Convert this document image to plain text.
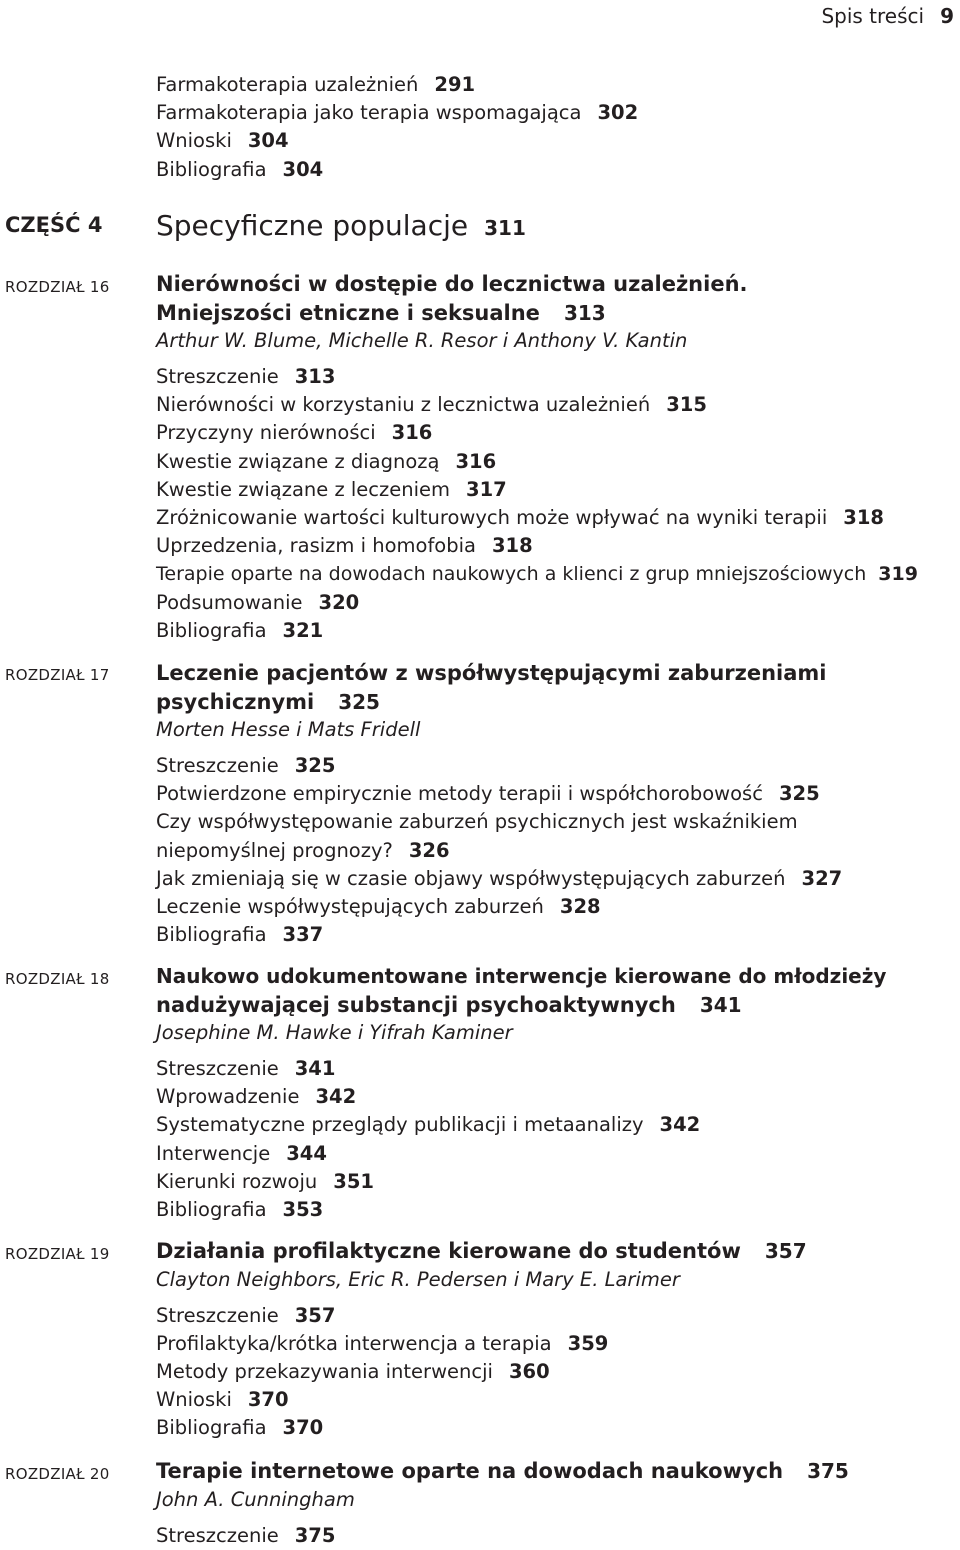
Spis treści 9
Farmakoterapia uzależnień 291
Farmakoterapia jako terapia wspomagająca 302
Wnioski 304
Bibliografia 304
CZĘŚĆ 4 Specyficzne populacje 311
ROZDZIAŁ 16 Nierówności w dostępie do lecznictwa uzależnień.
Mniejszości etniczne i seksualne 313
Arthur W. Blume, Michelle R. Resor i Anthony V. Kantin
Streszczenie 313
Nierówności w korzystaniu z lecznictwa uzależnień 315
Przyczyny nierówności 316
Kwestie związane z diagnozą 316
Kwestie związane z leczeniem 317
Zróżnicowanie wartości kulturowych może wpływać na wyniki terapii 318
Uprzedzenia, rasizm i homofobia 318
Terapie oparte na dowodach naukowych a klienci z grup mniejszościowych 319
Podsumowanie 320
Bibliografia 321
ROZDZIAŁ 17 Leczenie pacjentów z współwystępującymi zaburzeniami
psychicznymi 325
Morten Hesse i Mats Fridell
Streszczenie 325
Potwierdzone empirycznie metody terapii i współchorobowość 325
Czy współwystępowanie zaburzeń psychicznych jest wskaźnikiem niepomyślnej prognozy? 326
Jak zmieniają się w czasie objawy współwystępujących zaburzeń 327
Leczenie współwystępujących zaburzeń 328
Bibliografia 337
ROZDZIAŁ 18 Naukowo udokumentowane interwencje kierowane do młodzieży
nadużywającej substancji psychoaktywnych 341
Josephine M. Hawke i Yifrah Kaminer
Streszczenie 341
Wprowadzenie 342
Systematyczne przeglądy publikacji i metaanalizy 342
Interwencje 344
Kierunki rozwoju 351
Bibliografia 353
ROZDZIAŁ 19 Działania profilaktyczne kierowane do studentów 357
Clayton Neighbors, Eric R. Pedersen i Mary E. Larimer
Streszczenie 357
Profilaktyka/krótka interwencja a terapia 359
Metody przekazywania interwencji 360
Wnioski 370
Bibliografia 370
ROZDZIAŁ 20 Terapie internetowe oparte na dowodach naukowych 375
John A. Cunningham
Streszczenie 375
